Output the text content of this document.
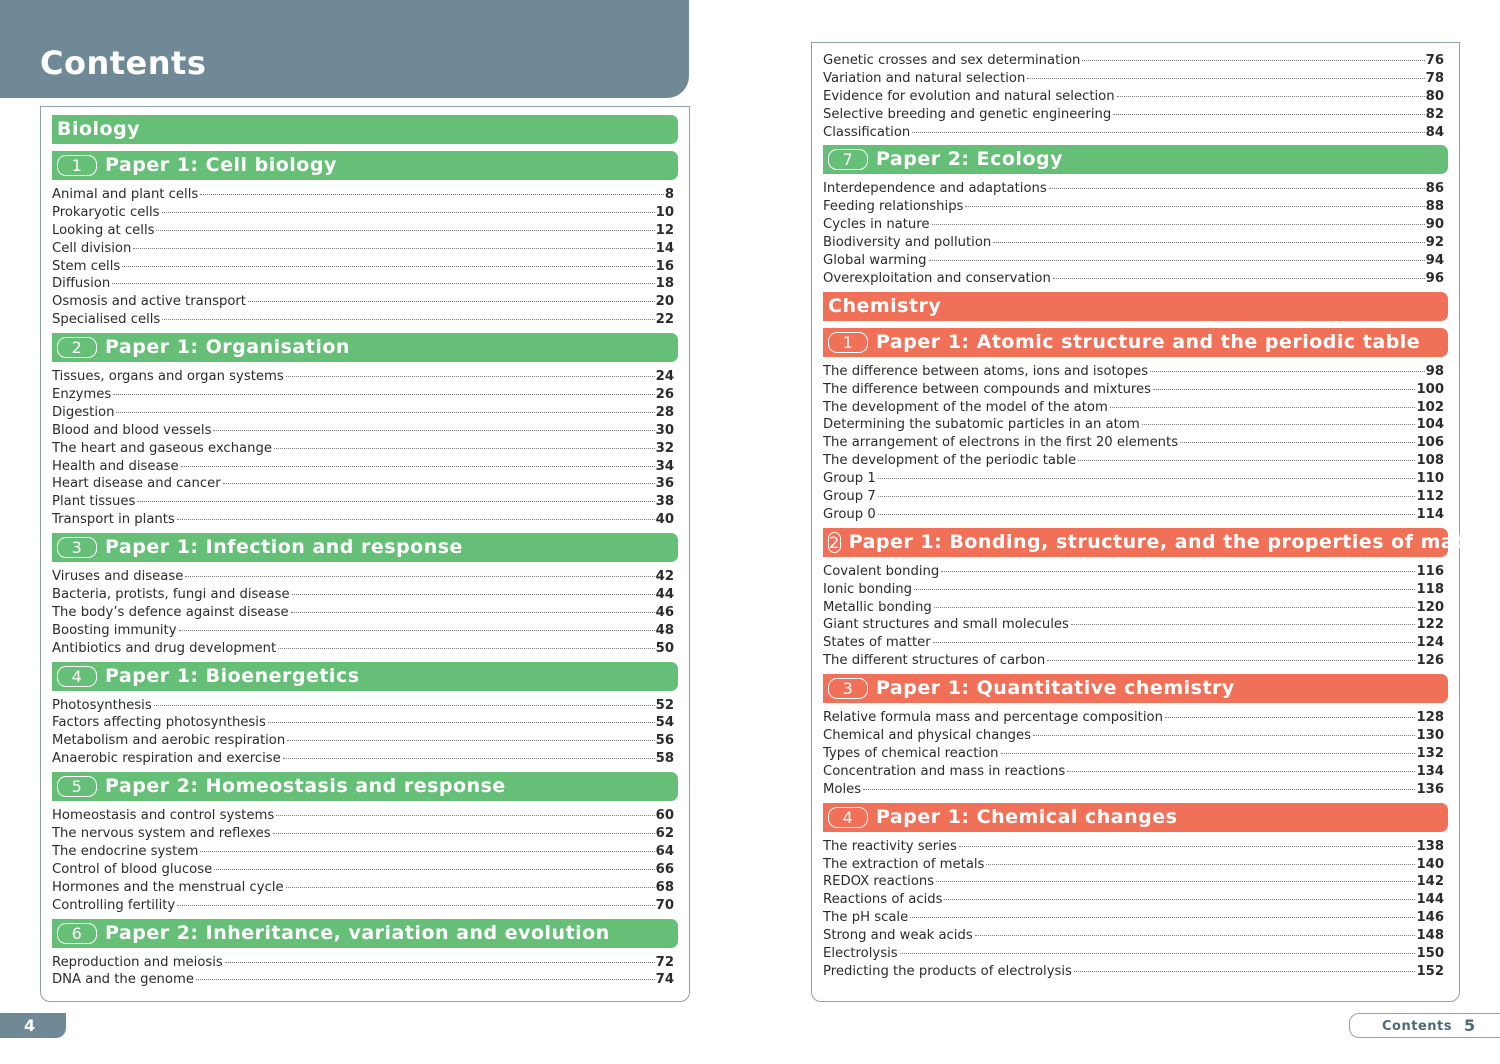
Contents
Biology
1	Paper 1: Cell biology
Animal and plant cells	8
Prokaryotic cells	10
Looking at cells	12
Cell division	14
Stem cells	16
Diffusion	18
Osmosis and active transport	20
Specialised cells	22
2	Paper 1: Organisation
Tissues, organs and organ systems	24
Enzymes	26
Digestion	28
Blood and blood vessels	30
The heart and gaseous exchange	32
Health and disease	34
Heart disease and cancer	36
Plant tissues	38
Transport in plants	40
3	Paper 1: Infection and response
Viruses and disease	42
Bacteria, protists, fungi and disease	44
The body’s defence against disease	46
Boosting immunity	48
Antibiotics and drug development	50
4	Paper 1: Bioenergetics
Photosynthesis	52
Factors affecting photosynthesis	54
Metabolism and aerobic respiration	56
Anaerobic respiration and exercise	58
5	Paper 2: Homeostasis and response
Homeostasis and control systems	60
The nervous system and reflexes	62
The endocrine system	64
Control of blood glucose	66
Hormones and the menstrual cycle	68
Controlling fertility	70
6	Paper 2: Inheritance, variation and evolution
Reproduction and meiosis	72
DNA and the genome	74
Genetic crosses and sex determination	76
Variation and natural selection	78
Evidence for evolution and natural selection	80
Selective breeding and genetic engineering	82
Classification	84
7	Paper 2: Ecology
Interdependence and adaptations	86
Feeding relationships	88
Cycles in nature	90
Biodiversity and pollution	92
Global warming	94
Overexploitation and conservation	96
Chemistry
1	Paper 1: Atomic structure and the periodic table
The difference between atoms, ions and isotopes	98
The difference between compounds and mixtures	100
The development of the model of the atom	102
Determining the subatomic particles in an atom	104
The arrangement of electrons in the first 20 elements	106
The development of the periodic table	108
Group 1	110
Group 7	112
Group 0	114
2 Paper 1: Bonding, structure, and the properties of matter
Covalent bonding	116
Ionic bonding	118
Metallic bonding	120
Giant structures and small molecules	122
States of matter	124
The different structures of carbon	126
3	Paper 1: Quantitative chemistry
Relative formula mass and percentage composition	128
Chemical and physical changes	130
Types of chemical reaction	132
Concentration and mass in reactions	134
Moles	136
4	Paper 1: Chemical changes
The reactivity series	138
The extraction of metals	140
REDOX reactions	142
Reactions of acids	144
The pH scale	146
Strong and weak acids	148
Electrolysis	150
Predicting the products of electrolysis	152
4	Contents 5
